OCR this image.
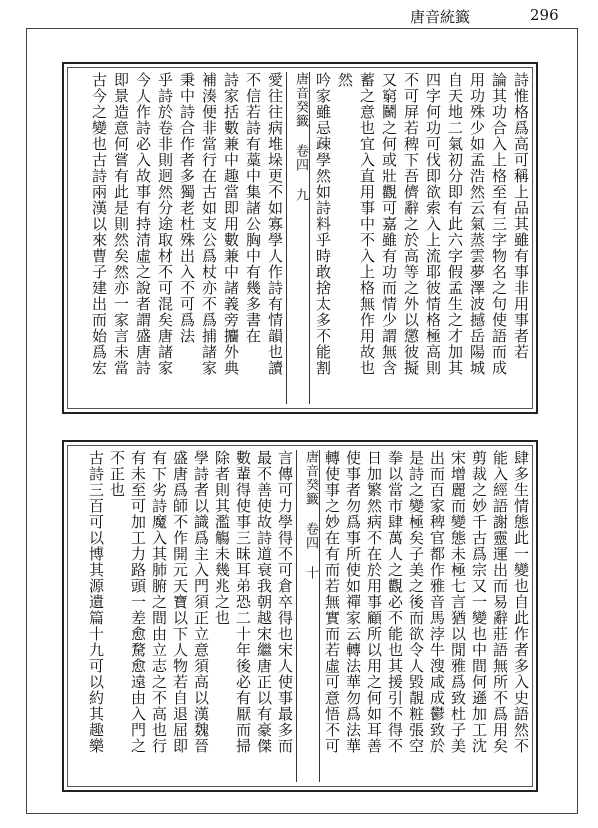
唐音統籤	296
詩惟格爲高可稱上品其雖有事非用事者若
論其功合入上格至有三字物名之句使語而成
用功殊少如孟浩然云氣蒸雲夢澤波撼岳陽城
自天地二氣初分即有此六字假孟生之才加其
四字何功可伐即欲索入上流耶彼情格極高則
不可屏若稗下吾儕辭之於高等之外以懲彼擬
又窮鬭之何或壯觀可嘉雖有功而情少謂無含
蓄之意也宜入直用事中不入上格無作用故也
然
吟家雖忌疎學然如詩料乎時敢捨太多不能割
唐音癸籤 卷四 九
愛往往病堆垛更不如寡學人作詩有情韻也讀
不信若詩有藁中集諸公胸中有幾多書在
詩家括數兼中趣當即用數兼中諸義旁攟外典
補湊便非當行在古如支公爲杖亦不爲捕諸家
秉中詩合作者多獨老杜殊出入不可爲法
乎詩於卷非則迥然分途取材不可混矣唐諸家
今人作詩必入故事有持清虛之說者謂盛唐詩
即景造意何嘗有此是則然矣然亦一家言未當
古今之變也古詩兩漢以來曹子建出而始爲宏
肆多生情態此一變也自此作者多入史語然不
能入經語謝靈運出而易辭莊語無所不爲用矣
剪裁之妙千古爲宗又一變也中間何遜加工沈
宋增麗而變態未極七言猶以閒雅爲致杜子美
出而百家稗官都作雅音馬浡牛溲咸成鬱致於
是詩之變極矣子美之後而欲令人毀靚粧張空
拳以當市肆萬人之觀必不能也其援引不得不
日加繁然病不在於用事顧所以用之何如耳善
使事者勿爲事所使如禪家云轉法華勿爲法華
轉使事之妙在有而若無實而若虛可意悟不可
唐音癸籤 卷四 十
言傳可力學得不可倉卒得也宋人使事最多而
最不善使故詩道衰我朝越宋繼唐正以有豪傑
數輩得使事三昧耳弟恐二十年後必有厭而掃
除者則其濫觴未幾兆之也
學詩者以識爲主入門須正立意須高以漢魏晉
盛唐爲師不作開元天寶以下人物若自退屈即
有下劣詩魔入其肺腑之間由立志之不高也行
有未至可加工力路頭一差愈騖愈遠由入門之
不正也
古詩三百可以博其源遺篇十九可以約其趣樂
